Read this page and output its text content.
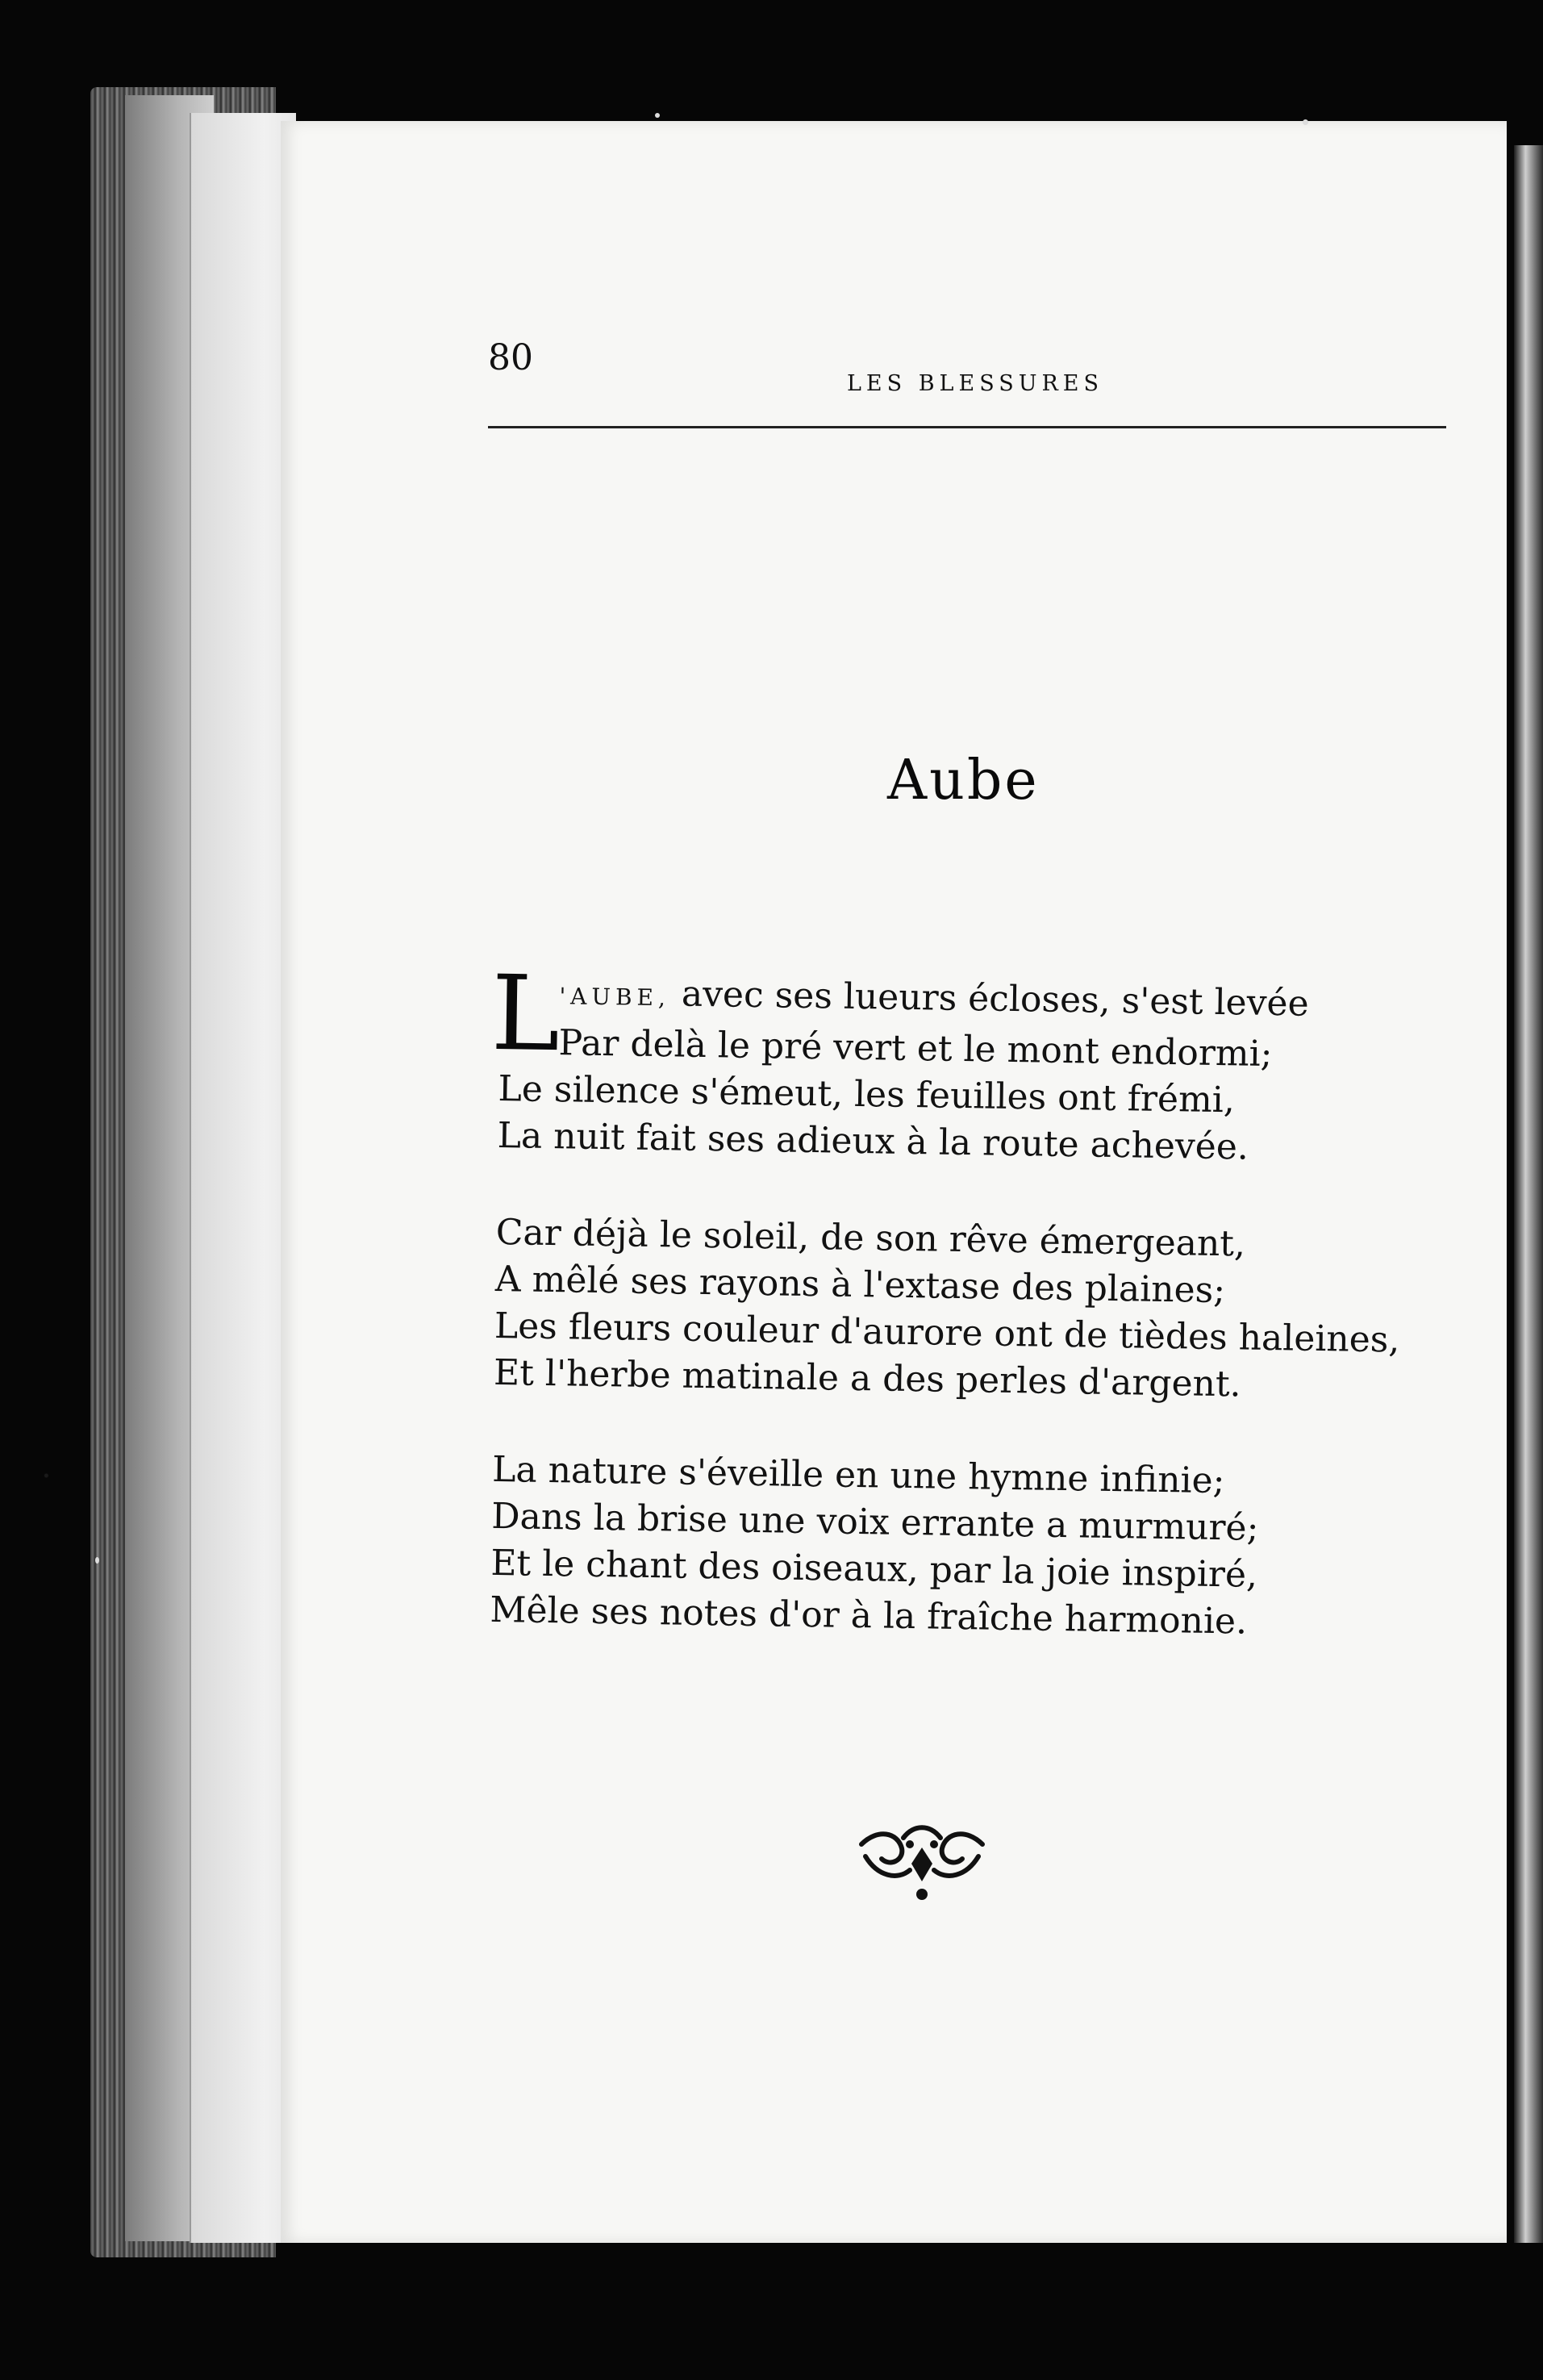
80
LES BLESSURES
Aube
L
'AUBE, avec ses lueurs écloses, s'est levée
Par delà le pré vert et le mont endormi;
Le silence s'émeut, les feuilles ont frémi,
La nuit fait ses adieux à la route achevée.
Car déjà le soleil, de son rêve émergeant,
A mêlé ses rayons à l'extase des plaines;
Les fleurs couleur d'aurore ont de tièdes haleines,
Et l'herbe matinale a des perles d'argent.
La nature s'éveille en une hymne infinie;
Dans la brise une voix errante a murmuré;
Et le chant des oiseaux, par la joie inspiré,
Mêle ses notes d'or à la fraîche harmonie.
